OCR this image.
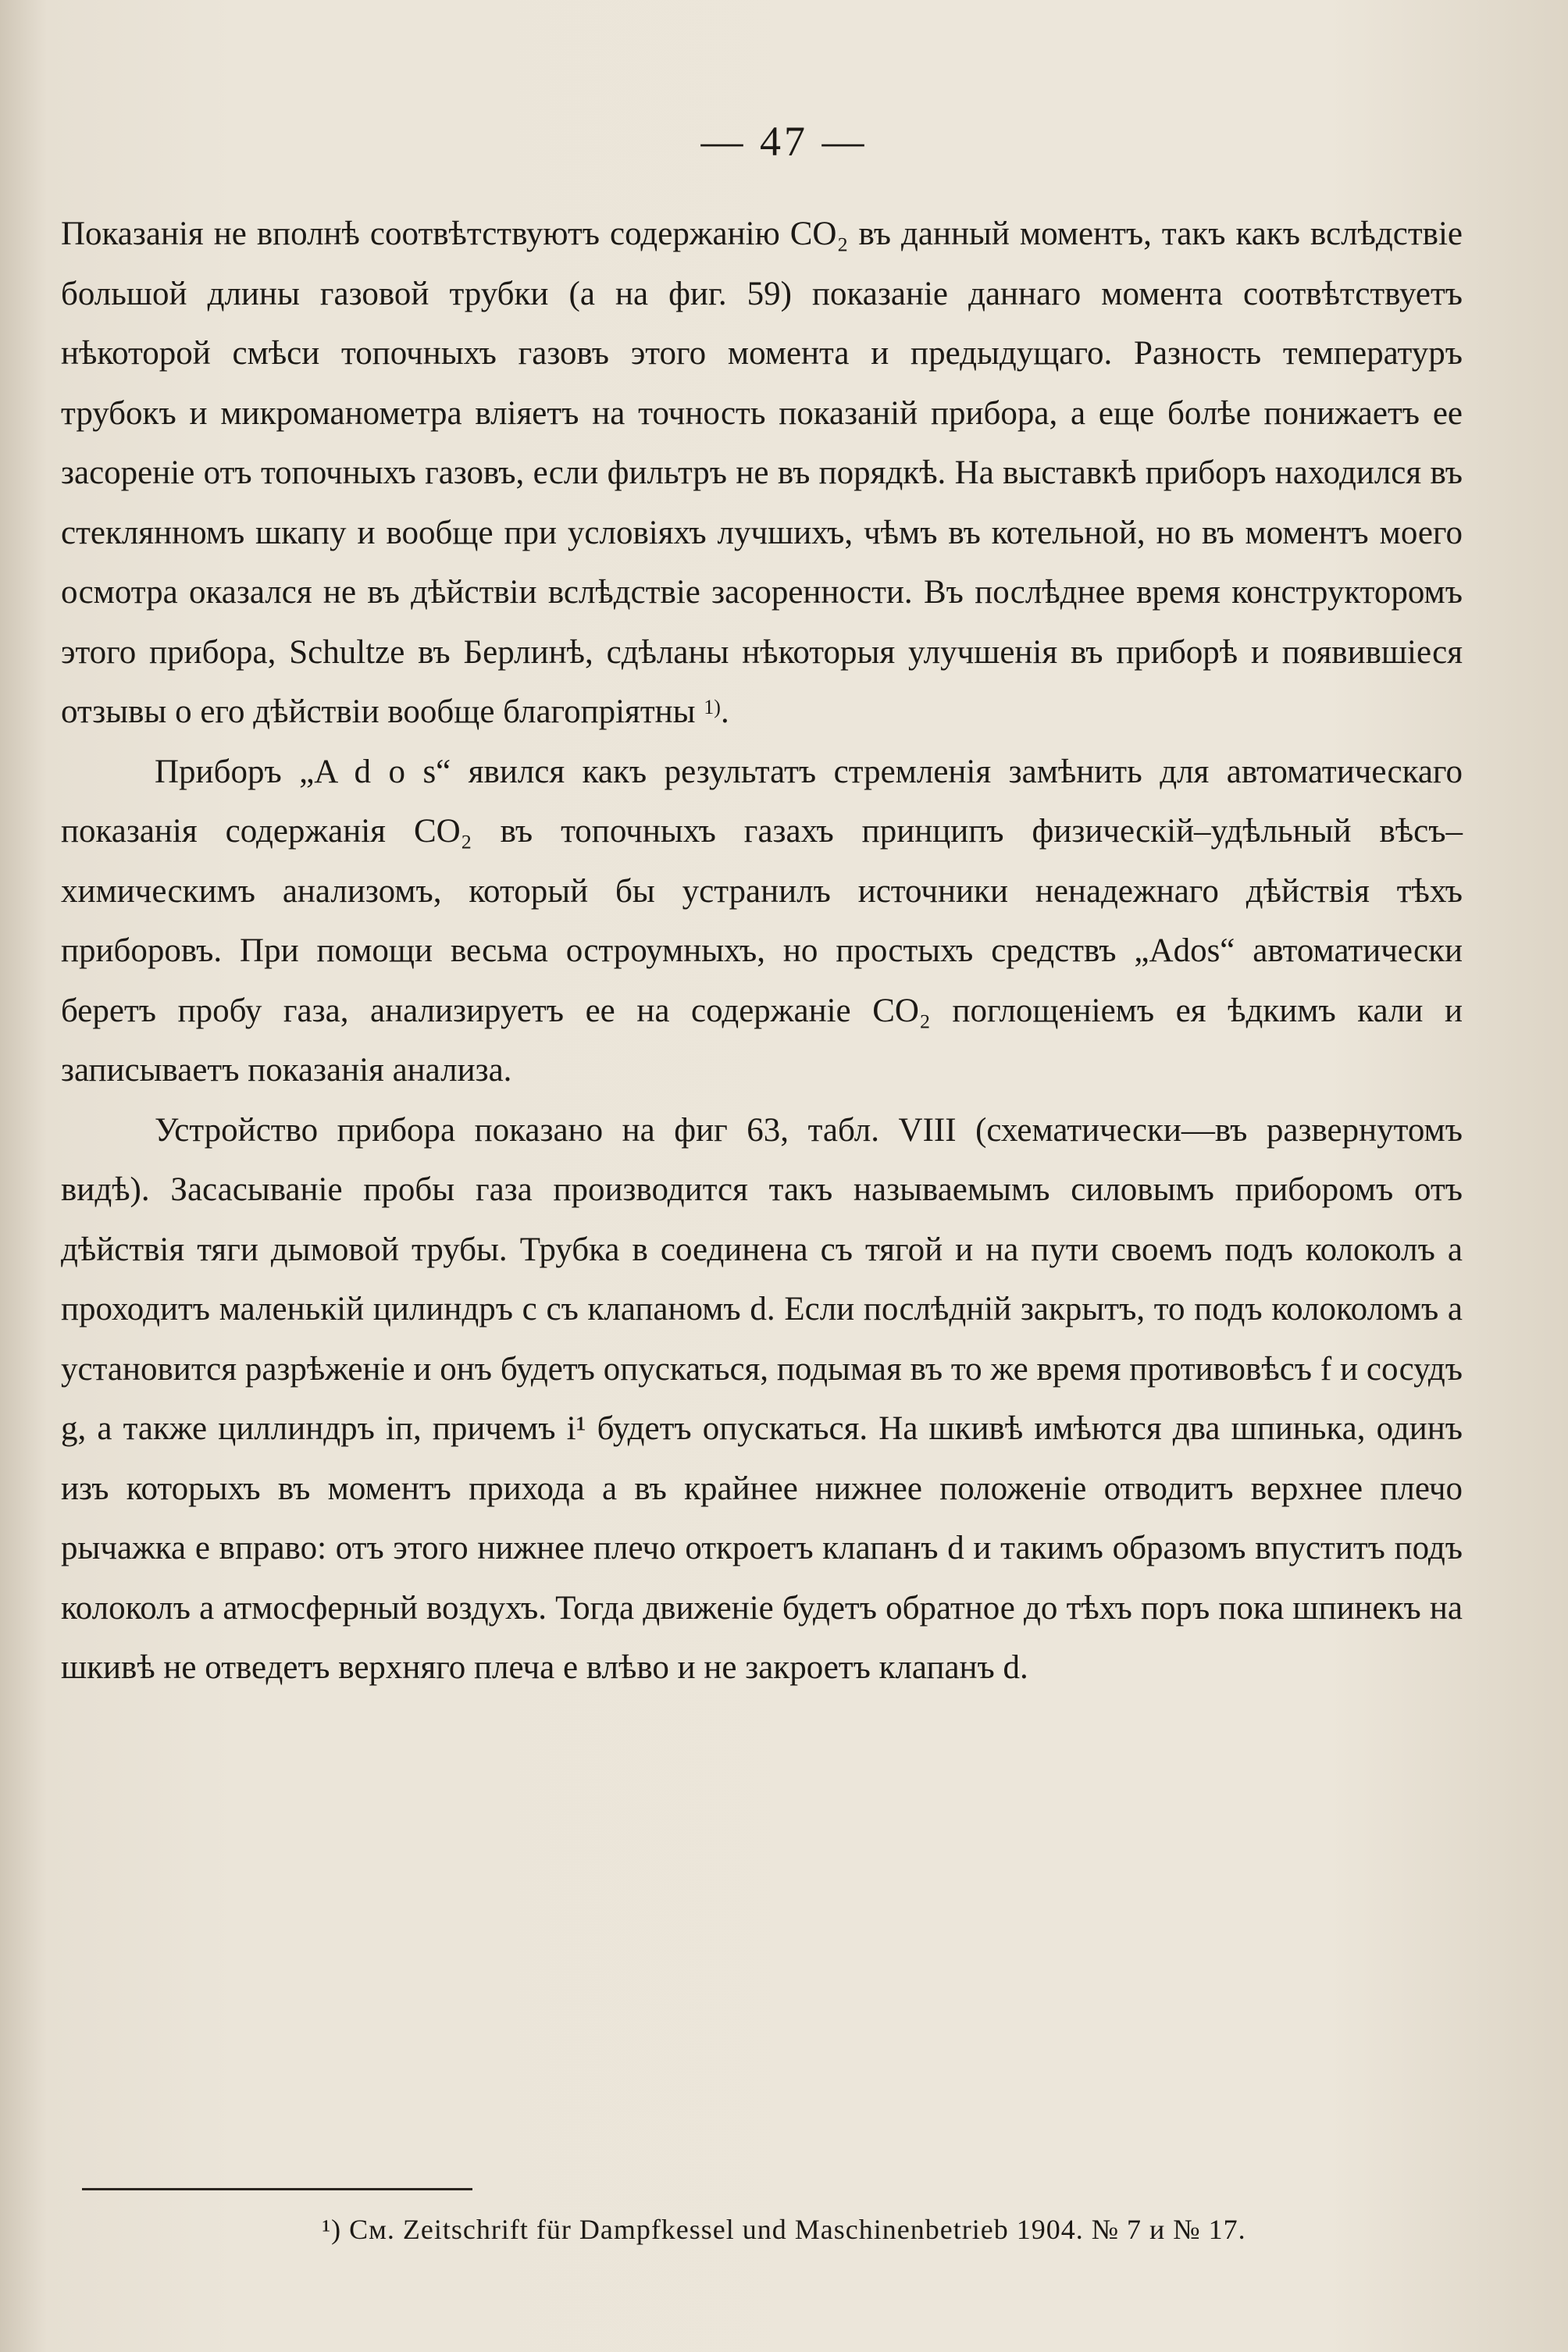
— 47 —

Показанія не вполнѣ соотвѣтствуютъ содержанію CO₂ въ данный моментъ, такъ какъ вслѣдствіе большой длины газовой трубки (a на фиг. 59) показаніе даннаго момента соотвѣтствуетъ нѣкоторой смѣси топочныхъ газовъ этого момента и предыдущаго. Разность температуръ трубокъ и микроманометра вліяетъ на точность показаній прибора, а еще болѣе понижаетъ ее засореніе отъ топочныхъ газовъ, если фильтръ не въ порядкѣ. На выставкѣ приборъ находился въ стеклянномъ шкапу и вообще при условіяхъ лучшихъ, чѣмъ въ котельной, но въ моментъ моего осмотра оказался не въ дѣйствіи вслѣдствіе засоренности. Въ послѣднее время конструкторомъ этого прибора, Schultze въ Берлинѣ, сдѣланы нѣкоторыя улучшенія въ приборѣ и появившіеся отзывы о его дѣйствіи вообще благопріятны $^{1)}$.

Приборъ „A d o s“ явился какъ результатъ стремленія замѣнить для автоматическаго показанія содержанія CO₂ въ топочныхъ газахъ принципъ физическій–удѣльный вѣсъ–химическимъ анализомъ, который бы устранилъ источники ненадежнаго дѣйствія тѣхъ приборовъ. При помощи весьма остроумныхъ, но простыхъ средствъ „Ados“ автоматически беретъ пробу газа, анализируетъ ее на содержаніе CO₂ поглощеніемъ ея ѣдкимъ кали и записываетъ показанія анализа.

Устройство прибора показано на фиг 63, табл. VIII (схематически—въ развернутомъ видѣ). Засасываніе пробы газа производится такъ называемымъ силовымъ приборомъ отъ дѣйствія тяги дымовой трубы. Трубка в соединена съ тягой и на пути своемъ подъ колоколъ a проходитъ маленькій цилиндръ c съ клапаномъ d. Если послѣдній закрытъ, то подъ колоколомъ a установится разрѣженіе и онъ будетъ опускаться, подымая въ то же время противовѣсъ f и сосудъ g, а также циллиндръ iп, причемъ i¹ будетъ опускаться. На шкивѣ имѣются два шпинька, одинъ изъ которыхъ въ моментъ прихода a въ крайнее нижнее положеніе отводитъ верхнее плечо рычажка e вправо: отъ этого нижнее плечо откроетъ клапанъ d и такимъ образомъ впуститъ подъ колоколъ a атмосферный воздухъ. Тогда движеніе будетъ обратное до тѣхъ поръ пока шпинекъ на шкивѣ не отведетъ верхняго плеча e влѣво и не закроетъ клапанъ d.

¹) См. Zeitschrift für Dampfkessel und Maschinenbetrieb 1904. № 7 и № 17.
